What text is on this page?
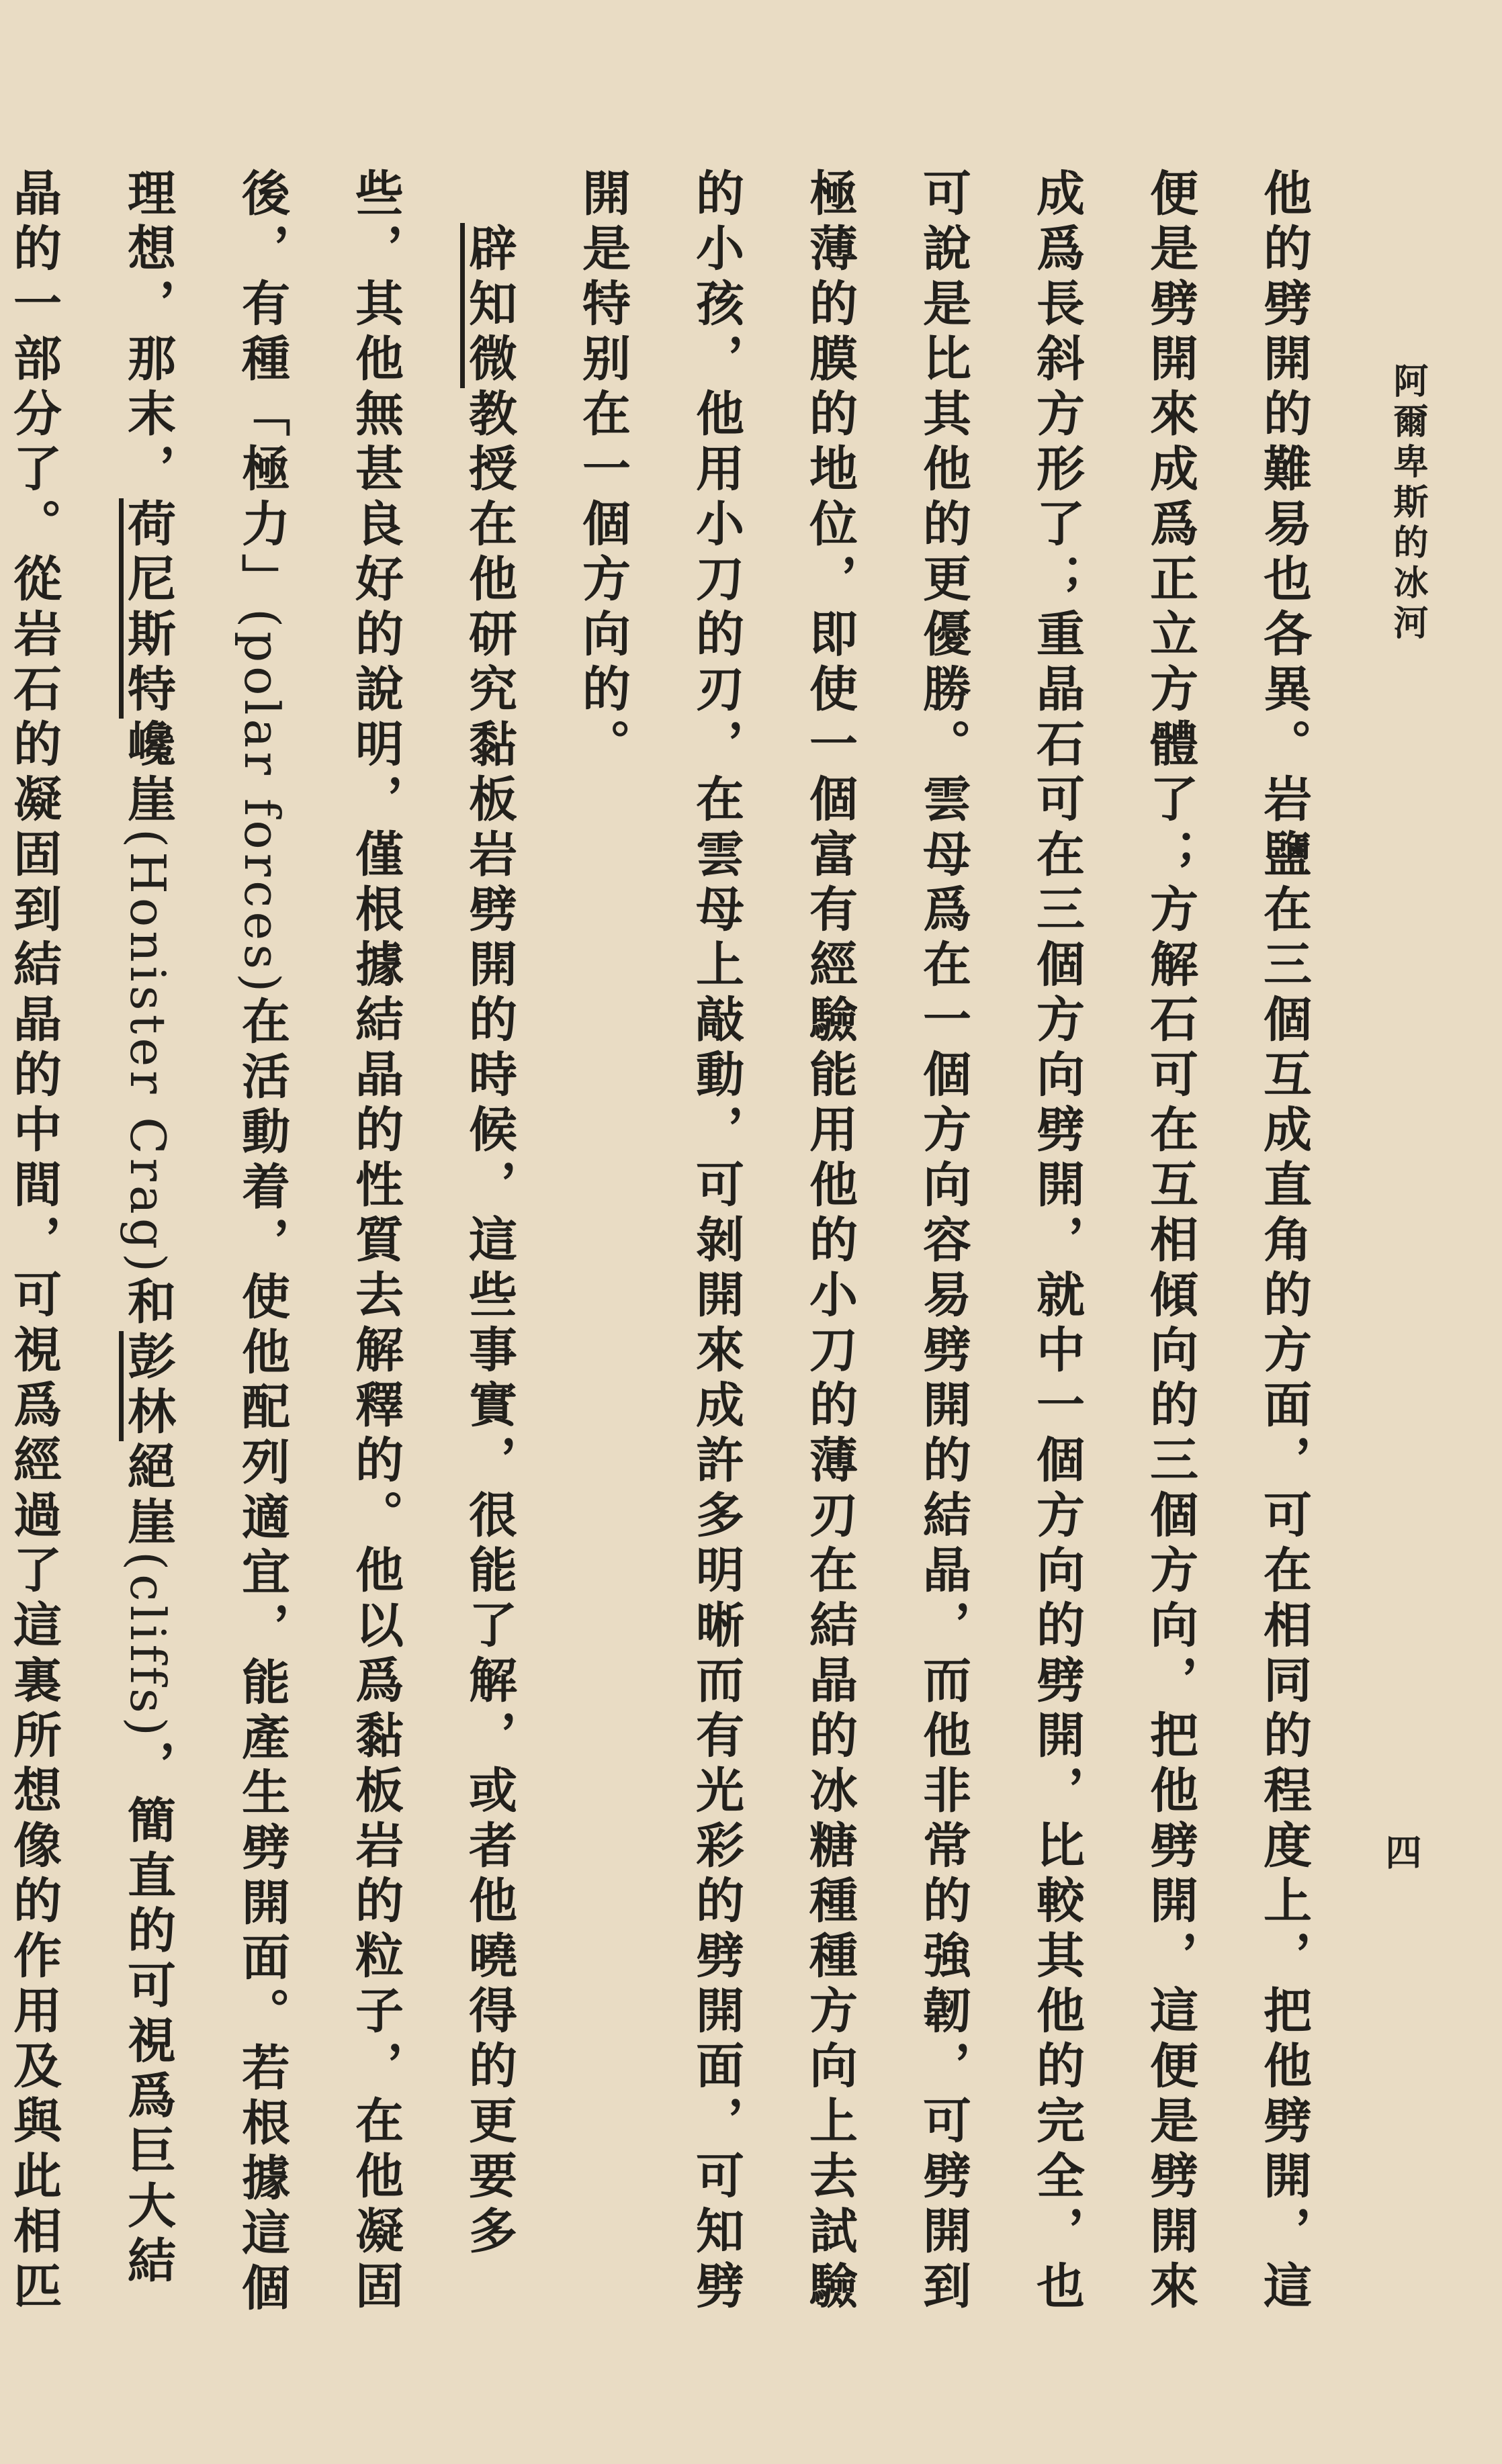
阿爾卑斯的冰河
四

他的劈開的難易也各異。岩鹽在三個互成直角的方面，可在相同的程度上，把他劈開，這便是劈開來成爲正立方體了；方解石可在互相傾向的三個方向，把他劈開，這便是劈開來成爲長斜方形了；重晶石可在三個方向劈開，就中一個方向的劈開，比較其他的完全，也可說是比其他的更優勝。雲母爲在一個方向容易劈開的結晶，而他非常的強韌，可劈開到極薄的膜的地位，即使一個富有經驗能用他的小刀的薄刃在結晶的冰糖種種方向上去試驗的小孩，他用小刀的刃，在雲母上敲動，可剝開來成許多明晰而有光彩的劈開面，可知劈開是特别在一個方向的。

辟知微教授在他研究黏板岩劈開的時候，這些事實，很能了解，或者他曉得的更要多些，其他無甚良好的說明，僅根據結晶的性質去解釋的。他以爲黏板岩的粒子，在他凝固後，有種「極力」(polar forces)在活動着，使他配列適宜，能產生劈開面。若根據這個理想，那末，荷尼斯特巉崖(Honister Crag)和彭林絕崖(cliffs)，簡直的可視爲巨大結晶的一部分了。從岩石的凝固到結晶的中間，可視爲經過了這裏所想像的作用及與此相匹
